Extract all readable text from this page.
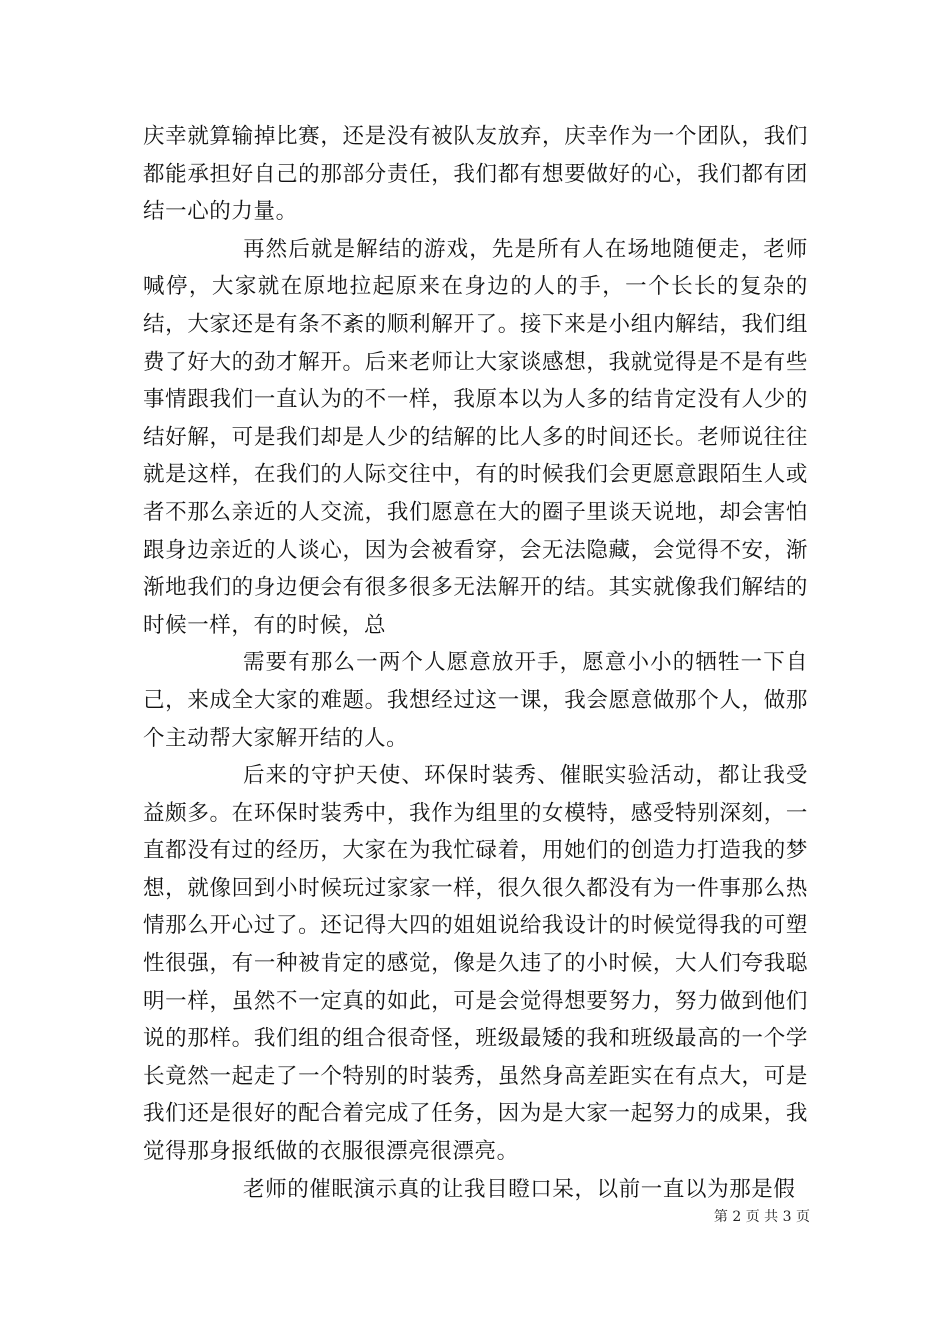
庆幸就算输掉比赛，还是没有被队友放弃，庆幸作为一个团队，我们都能承担好自己的那部分责任，我们都有想要做好的心，我们都有团结一心的力量。

再然后就是解结的游戏，先是所有人在场地随便走，老师喊停，大家就在原地拉起原来在身边的人的手，一个长长的复杂的结，大家还是有条不紊的顺利解开了。接下来是小组内解结，我们组费了好大的劲才解开。后来老师让大家谈感想，我就觉得是不是有些事情跟我们一直认为的不一样，我原本以为人多的结肯定没有人少的结好解，可是我们却是人少的结解的比人多的时间还长。老师说往往就是这样，在我们的人际交往中，有的时候我们会更愿意跟陌生人或者不那么亲近的人交流，我们愿意在大的圈子里谈天说地，却会害怕跟身边亲近的人谈心，因为会被看穿，会无法隐藏，会觉得不安，渐渐地我们的身边便会有很多很多无法解开的结。其实就像我们解结的时候一样，有的时候，总

需要有那么一两个人愿意放开手，愿意小小的牺牲一下自己，来成全大家的难题。我想经过这一课，我会愿意做那个人，做那个主动帮大家解开结的人。

后来的守护天使、环保时装秀、催眠实验活动，都让我受益颇多。在环保时装秀中，我作为组里的女模特，感受特别深刻，一直都没有过的经历，大家在为我忙碌着，用她们的创造力打造我的梦想，就像回到小时候玩过家家一样，很久很久都没有为一件事那么热情那么开心过了。还记得大四的姐姐说给我设计的时候觉得我的可塑性很强，有一种被肯定的感觉，像是久违了的小时候，大人们夸我聪明一样，虽然不一定真的如此，可是会觉得想要努力，努力做到他们说的那样。我们组的组合很奇怪，班级最矮的我和班级最高的一个学长竟然一起走了一个特别的时装秀，虽然身高差距实在有点大，可是我们还是很好的配合着完成了任务，因为是大家一起努力的成果，我觉得那身报纸做的衣服很漂亮很漂亮。

老师的催眠演示真的让我目瞪口呆，以前一直以为那是假

第 2 页 共 3 页
